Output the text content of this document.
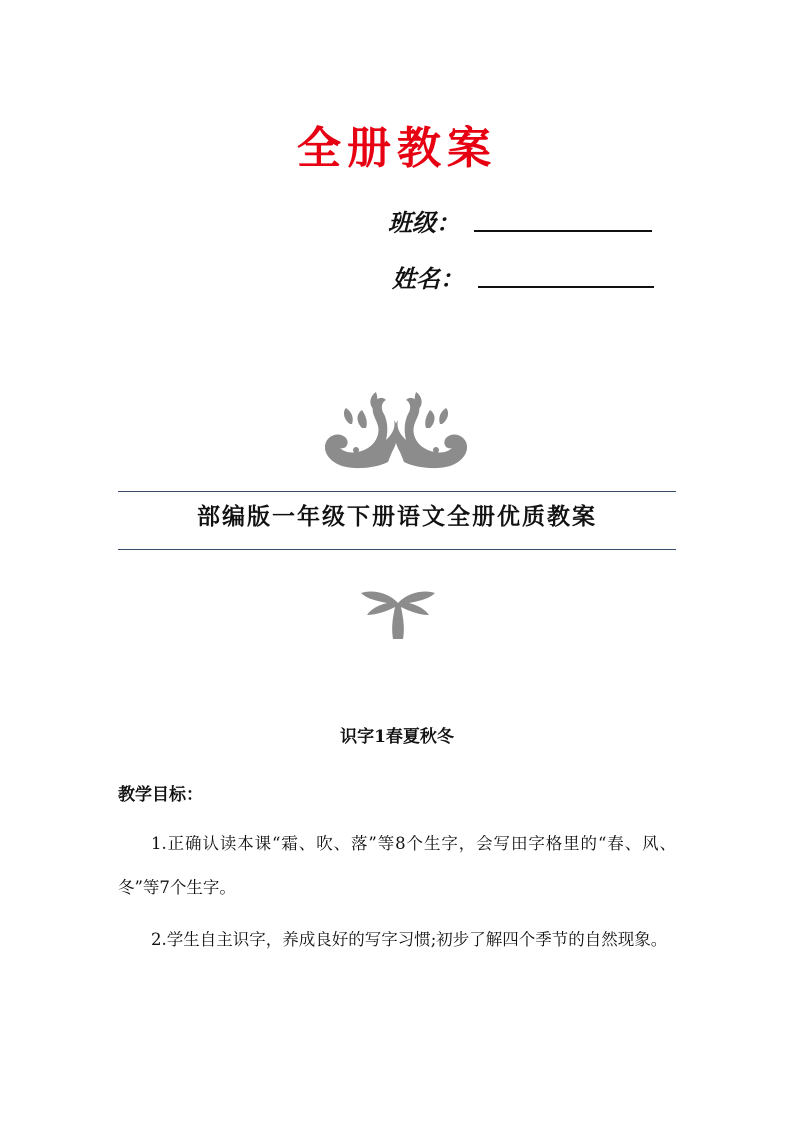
全册教案
班级：
姓名：
部编版一年级下册语文全册优质教案
识字1春夏秋冬
教学目标：
1.正确认读本课“霜、吹、落”等8个生字，会写田字格里的“春、风、冬”等7个生字。
2.学生自主识字，养成良好的写字习惯;初步了解四个季节的自然现象。
